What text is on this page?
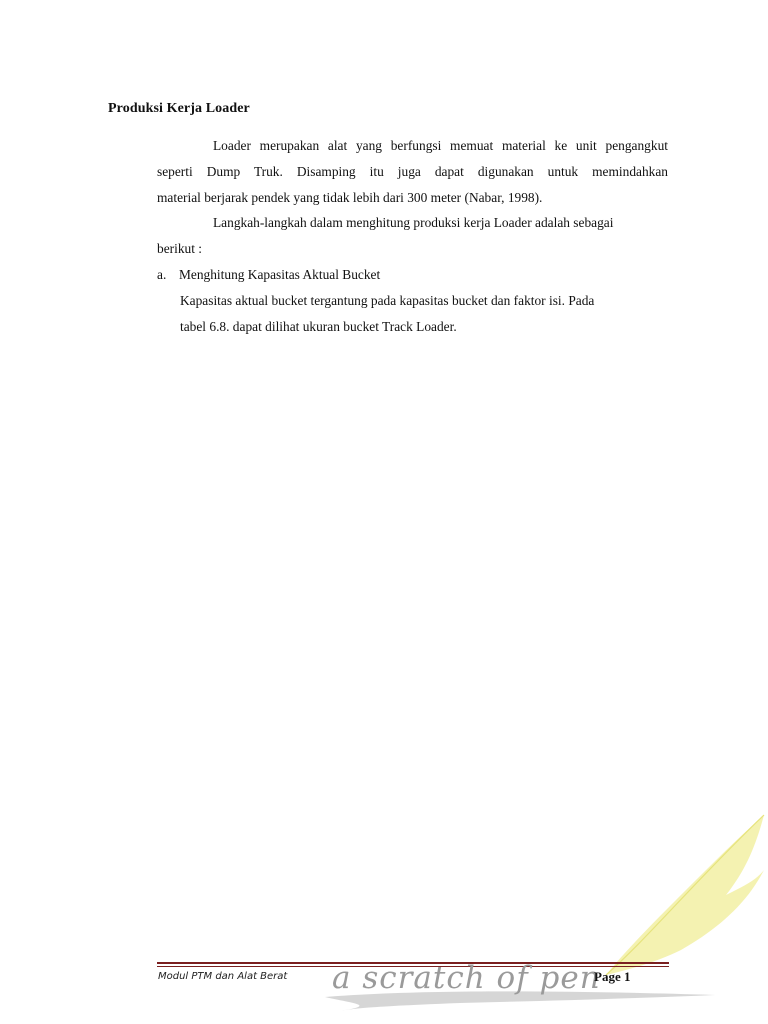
Produksi Kerja Loader
Loader merupakan alat yang berfungsi memuat material ke unit pengangkut
seperti Dump Truk. Disamping itu juga dapat digunakan untuk memindahkan
material berjarak pendek yang tidak lebih dari 300 meter (Nabar, 1998).
Langkah-langkah dalam menghitung produksi kerja Loader adalah sebagai
berikut :
a. Menghitung Kapasitas Aktual Bucket
Kapasitas aktual bucket tergantung pada kapasitas bucket dan faktor isi. Pada
tabel 6.8. dapat dilihat ukuran bucket Track Loader.
Modul PTM dan Alat Berat a scratch of pen
Page 1
